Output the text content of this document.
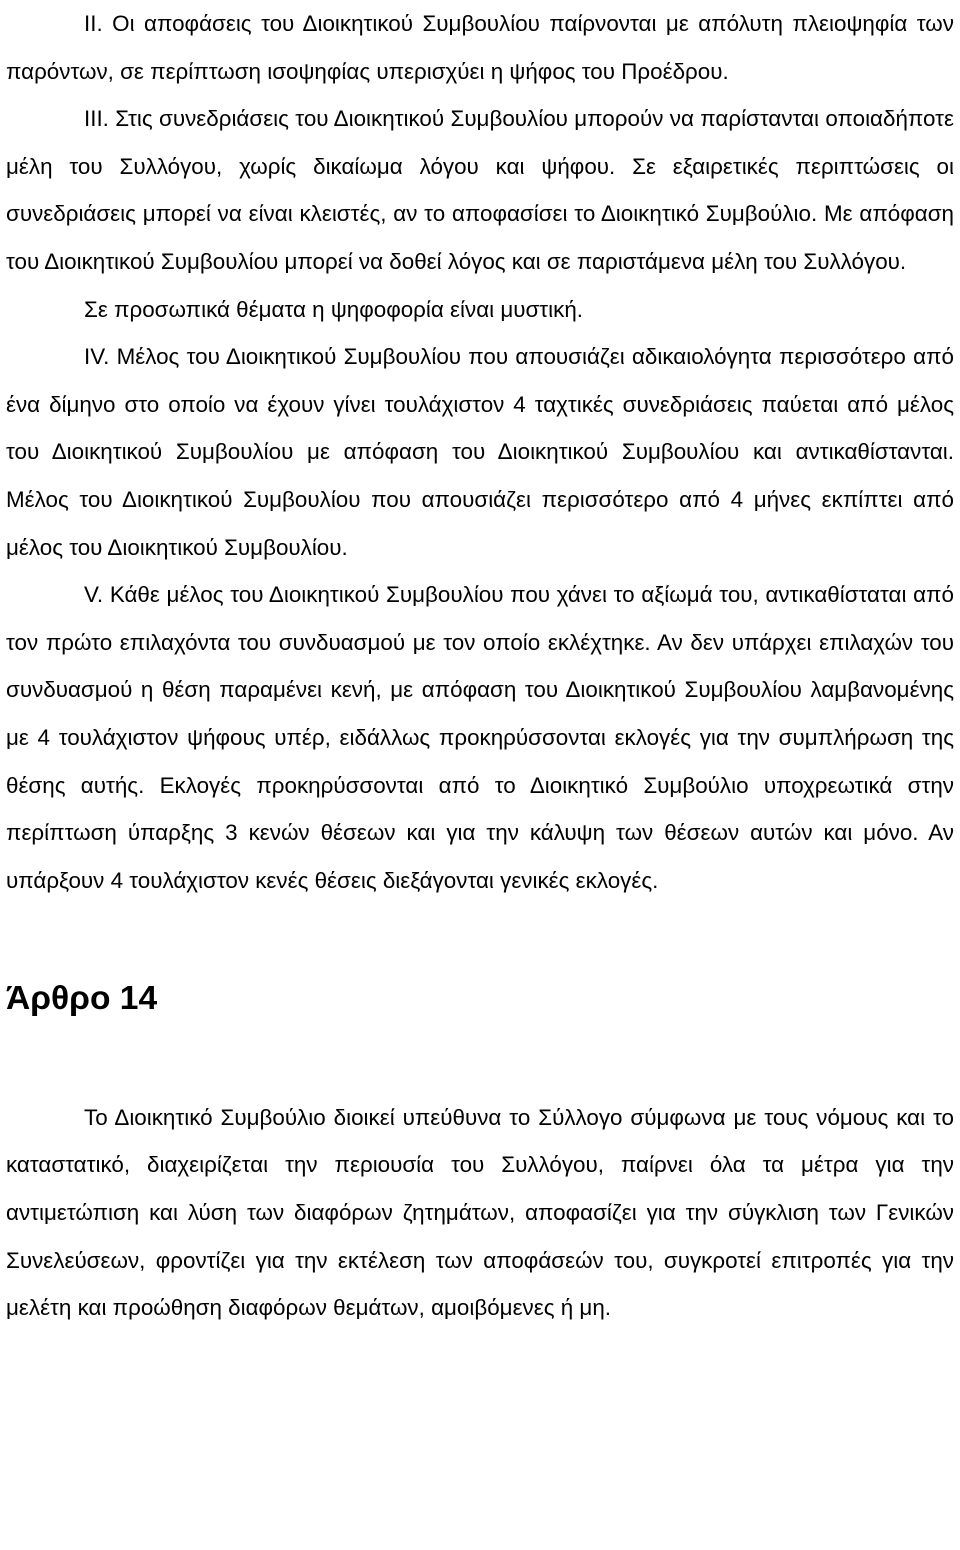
II. Οι αποφάσεις του Διοικητικού Συμβουλίου παίρνονται με απόλυτη πλειοψηφία των παρόντων, σε περίπτωση ισοψηφίας υπερισχύει η ψήφος του Προέδρου.

III. Στις συνεδριάσεις του Διοικητικού Συμβουλίου μπορούν να παρίστανται οποιαδήποτε μέλη του Συλλόγου, χωρίς δικαίωμα λόγου και ψήφου. Σε εξαιρετικές περιπτώσεις οι συνεδριάσεις μπορεί να είναι κλειστές, αν το αποφασίσει το Διοικητικό Συμβούλιο. Με απόφαση του Διοικητικού Συμβουλίου μπορεί να δοθεί λόγος και σε παριστάμενα μέλη του Συλλόγου.
Σε προσωπικά θέματα η ψηφοφορία είναι μυστική.

IV. Μέλος του Διοικητικού Συμβουλίου που απουσιάζει αδικαιολόγητα περισσότερο από ένα δίμηνο στο οποίο να έχουν γίνει τουλάχιστον 4 ταχτικές συνεδριάσεις παύεται από μέλος του Διοικητικού Συμβουλίου με απόφαση του Διοικητικού Συμβουλίου και αντικαθίστανται. Μέλος του Διοικητικού Συμβουλίου που απουσιάζει περισσότερο από 4 μήνες εκπίπτει από μέλος του Διοικητικού Συμβουλίου.

V. Κάθε μέλος του Διοικητικού Συμβουλίου που χάνει το αξίωμά του, αντικαθίσταται από τον πρώτο επιλαχόντα του συνδυασμού με τον οποίο εκλέχτηκε. Αν δεν υπάρχει επιλαχών του συνδυασμού η θέση παραμένει κενή, με απόφαση του Διοικητικού Συμβουλίου λαμβανομένης με 4 τουλάχιστον ψήφους υπέρ, ειδάλλως προκηρύσσονται εκλογές για την συμπλήρωση της θέσης αυτής. Εκλογές προκηρύσσονται από το Διοικητικό Συμβούλιο υποχρεωτικά στην περίπτωση ύπαρξης 3 κενών θέσεων και για την κάλυψη των θέσεων αυτών και μόνο. Αν υπάρξουν 4 τουλάχιστον κενές θέσεις διεξάγονται γενικές εκλογές.

Άρθρο 14

Το Διοικητικό Συμβούλιο διοικεί υπεύθυνα το Σύλλογο σύμφωνα με τους νόμους και το καταστατικό, διαχειρίζεται την περιουσία του Συλλόγου, παίρνει όλα τα μέτρα για την αντιμετώπιση και λύση των διαφόρων ζητημάτων, αποφασίζει για την σύγκλιση των Γενικών Συνελεύσεων, φροντίζει για την εκτέλεση των αποφάσεών του, συγκροτεί επιτροπές για την μελέτη και προώθηση διαφόρων θεμάτων, αμοιβόμενες ή μη.
